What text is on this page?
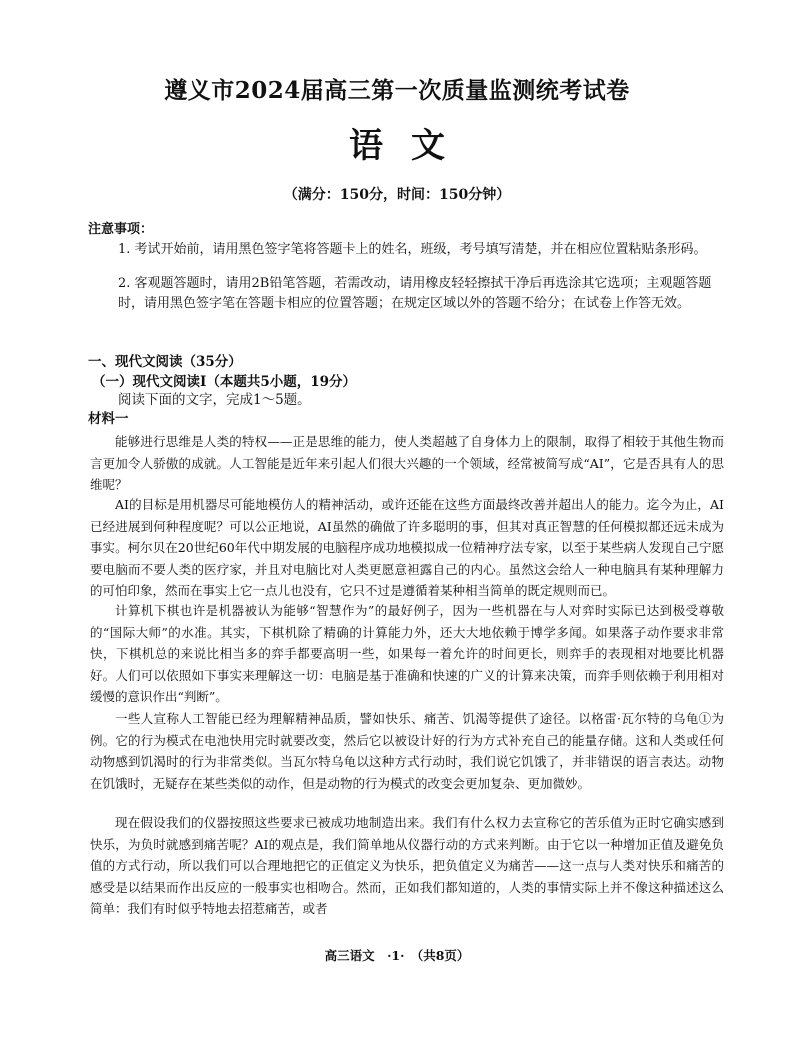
遵义市2024届高三第一次质量监测统考试卷
语文
（满分：150分，时间：150分钟）
注意事项：
1. 考试开始前，请用黑色签字笔将答题卡上的姓名，班级，考号填写清楚，并在相应位置粘贴条形码。
2. 客观题答题时，请用2B铅笔答题，若需改动，请用橡皮轻轻擦拭干净后再选涂其它选项；主观题答题时，请用黑色签字笔在答题卡相应的位置答题；在规定区域以外的答题不给分；在试卷上作答无效。
一、现代文阅读（35分）
（一）现代文阅读Ⅰ（本题共5小题，19分）
阅读下面的文字，完成1～5题。
材料一
能够进行思维是人类的特权——正是思维的能力，使人类超越了自身体力上的限制，取得了相较于其他生物而言更加令人骄傲的成就。人工智能是近年来引起人们很大兴趣的一个领域，经常被简写成“AI”，它是否具有人的思维呢？
AI的目标是用机器尽可能地模仿人的精神活动，或许还能在这些方面最终改善并超出人的能力。迄今为止，AI已经进展到何种程度呢？可以公正地说，AI虽然的确做了许多聪明的事，但其对真正智慧的任何模拟都还远未成为事实。柯尔贝在20世纪60年代中期发展的电脑程序成功地模拟成一位精神疗法专家，以至于某些病人发现自己宁愿要电脑而不要人类的医疗家，并且对电脑比对人类更愿意袒露自己的内心。虽然这会给人一种电脑具有某种理解力的可怕印象，然而在事实上它一点儿也没有，它只不过是遵循着某种相当简单的既定规则而已。
计算机下棋也许是机器被认为能够“智慧作为”的最好例子，因为一些机器在与人对弈时实际已达到极受尊敬的“国际大师”的水准。其实，下棋机除了精确的计算能力外，还大大地依赖于博学多闻。如果落子动作要求非常快，下棋机总的来说比相当多的弈手都要高明一些，如果每一着允许的时间更长，则弈手的表现相对地要比机器好。人们可以依照如下事实来理解这一切：电脑是基于准确和快速的广义的计算来决策，而弈手则依赖于利用相对缓慢的意识作出“判断”。
一些人宣称人工智能已经为理解精神品质，譬如快乐、痛苦、饥渴等提供了途径。以格雷·瓦尔特的乌龟①为例。它的行为模式在电池快用完时就要改变，然后它以被设计好的行为方式补充自己的能量存储。这和人类或任何动物感到饥渴时的行为非常类似。当瓦尔特乌龟以这种方式行动时，我们说它饥饿了，并非错误的语言表达。动物在饥饿时，无疑存在某些类似的动作，但是动物的行为模式的改变会更加复杂、更加微妙。
现在假设我们的仪器按照这些要求已被成功地制造出来。我们有什么权力去宣称它的苦乐值为正时它确实感到快乐，为负时就感到痛苦呢？AI的观点是，我们简单地从仪器行动的方式来判断。由于它以一种增加正值及避免负值的方式行动，所以我们可以合理地把它的正值定义为快乐，把负值定义为痛苦——这一点与人类对快乐和痛苦的感受是以结果而作出反应的一般事实也相吻合。然而，正如我们都知道的，人类的事情实际上并不像这种描述这么简单：我们有时似乎特地去招惹痛苦，或者
高三语文　·1·　（共8页）
